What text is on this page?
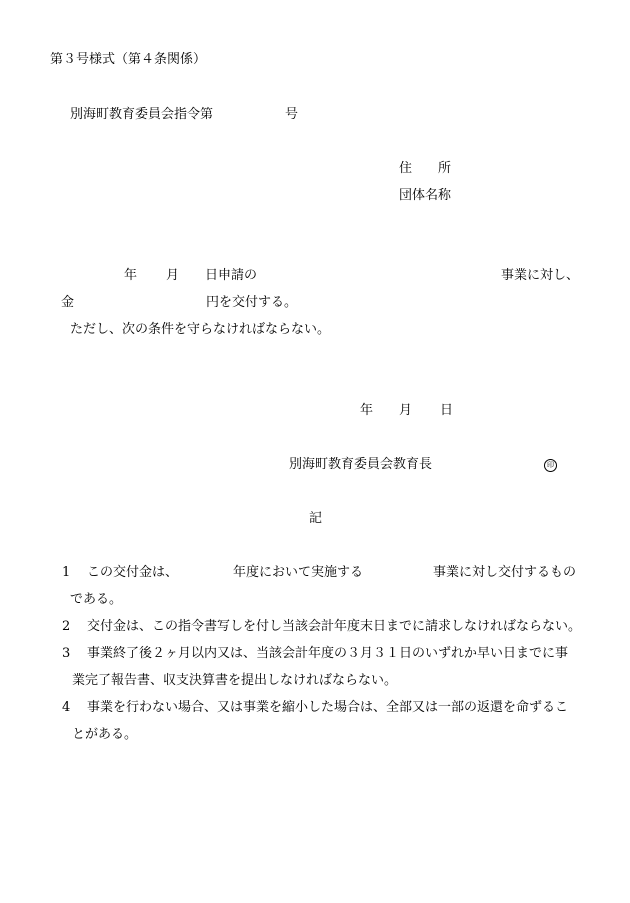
第３号様式（第４条関係）
別海町教育委員会指令第	号
住　　所
団体名称
年 月 日申請の	事業に対し、
金	円を交付する。
ただし、次の条件を守らなければならない。
年 月 日
別海町教育委員会教育長	印
記
1 この交付金は、	年度において実施する	事業に対し交付するもの
である。
2 交付金は、この指令書写しを付し当該会計年度末日までに請求しなければならない。
3 事業終了後２ヶ月以内又は、当該会計年度の３月３１日のいずれか早い日までに事
業完了報告書、収支決算書を提出しなければならない。
4 事業を行わない場合、又は事業を縮小した場合は、全部又は一部の返還を命ずるこ
とがある。
